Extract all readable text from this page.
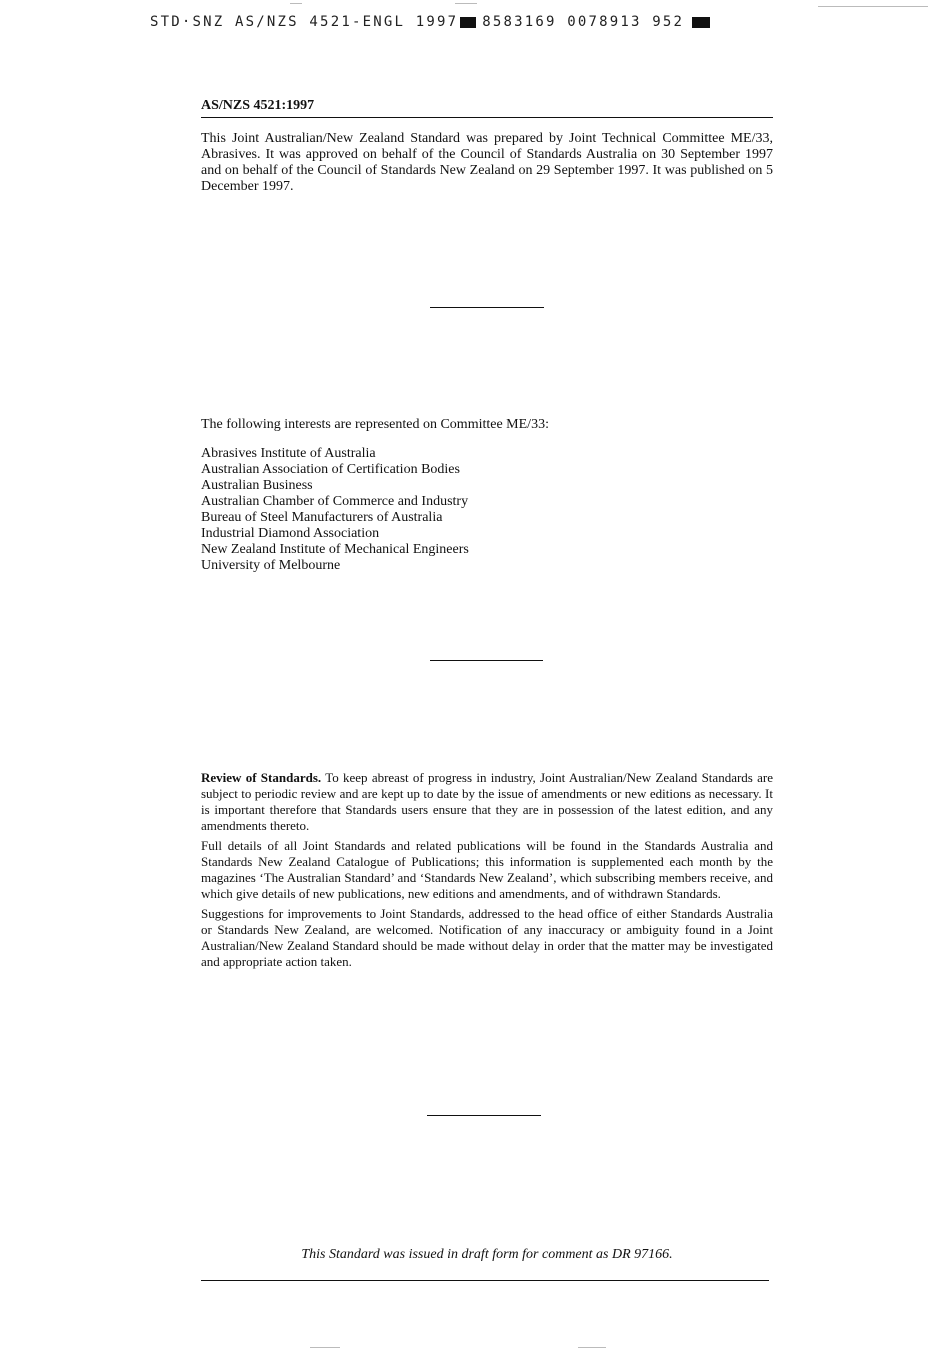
STD·SNZ AS/NZS 4521-ENGL 1997 8583169 0078913 952
AS/NZS 4521:1997

This Joint Australian/New Zealand Standard was prepared by Joint Technical Committee ME/33, Abrasives. It was approved on behalf of the Council of Standards Australia on 30 September 1997 and on behalf of the Council of Standards New Zealand on 29 September 1997. It was published on 5 December 1997.

The following interests are represented on Committee ME/33:
Abrasives Institute of Australia
Australian Association of Certification Bodies
Australian Business
Australian Chamber of Commerce and Industry
Bureau of Steel Manufacturers of Australia
Industrial Diamond Association
New Zealand Institute of Mechanical Engineers
University of Melbourne

Review of Standards. To keep abreast of progress in industry, Joint Australian/New Zealand Standards are subject to periodic review and are kept up to date by the issue of amendments or new editions as necessary. It is important therefore that Standards users ensure that they are in possession of the latest edition, and any amendments thereto.

Full details of all Joint Standards and related publications will be found in the Standards Australia and Standards New Zealand Catalogue of Publications; this information is supplemented each month by the magazines ‘The Australian Standard’ and ‘Standards New Zealand’, which subscribing members receive, and which give details of new publications, new editions and amendments, and of withdrawn Standards.

Suggestions for improvements to Joint Standards, addressed to the head office of either Standards Australia or Standards New Zealand, are welcomed. Notification of any inaccuracy or ambiguity found in a Joint Australian/New Zealand Standard should be made without delay in order that the matter may be investigated and appropriate action taken.

This Standard was issued in draft form for comment as DR 97166.
